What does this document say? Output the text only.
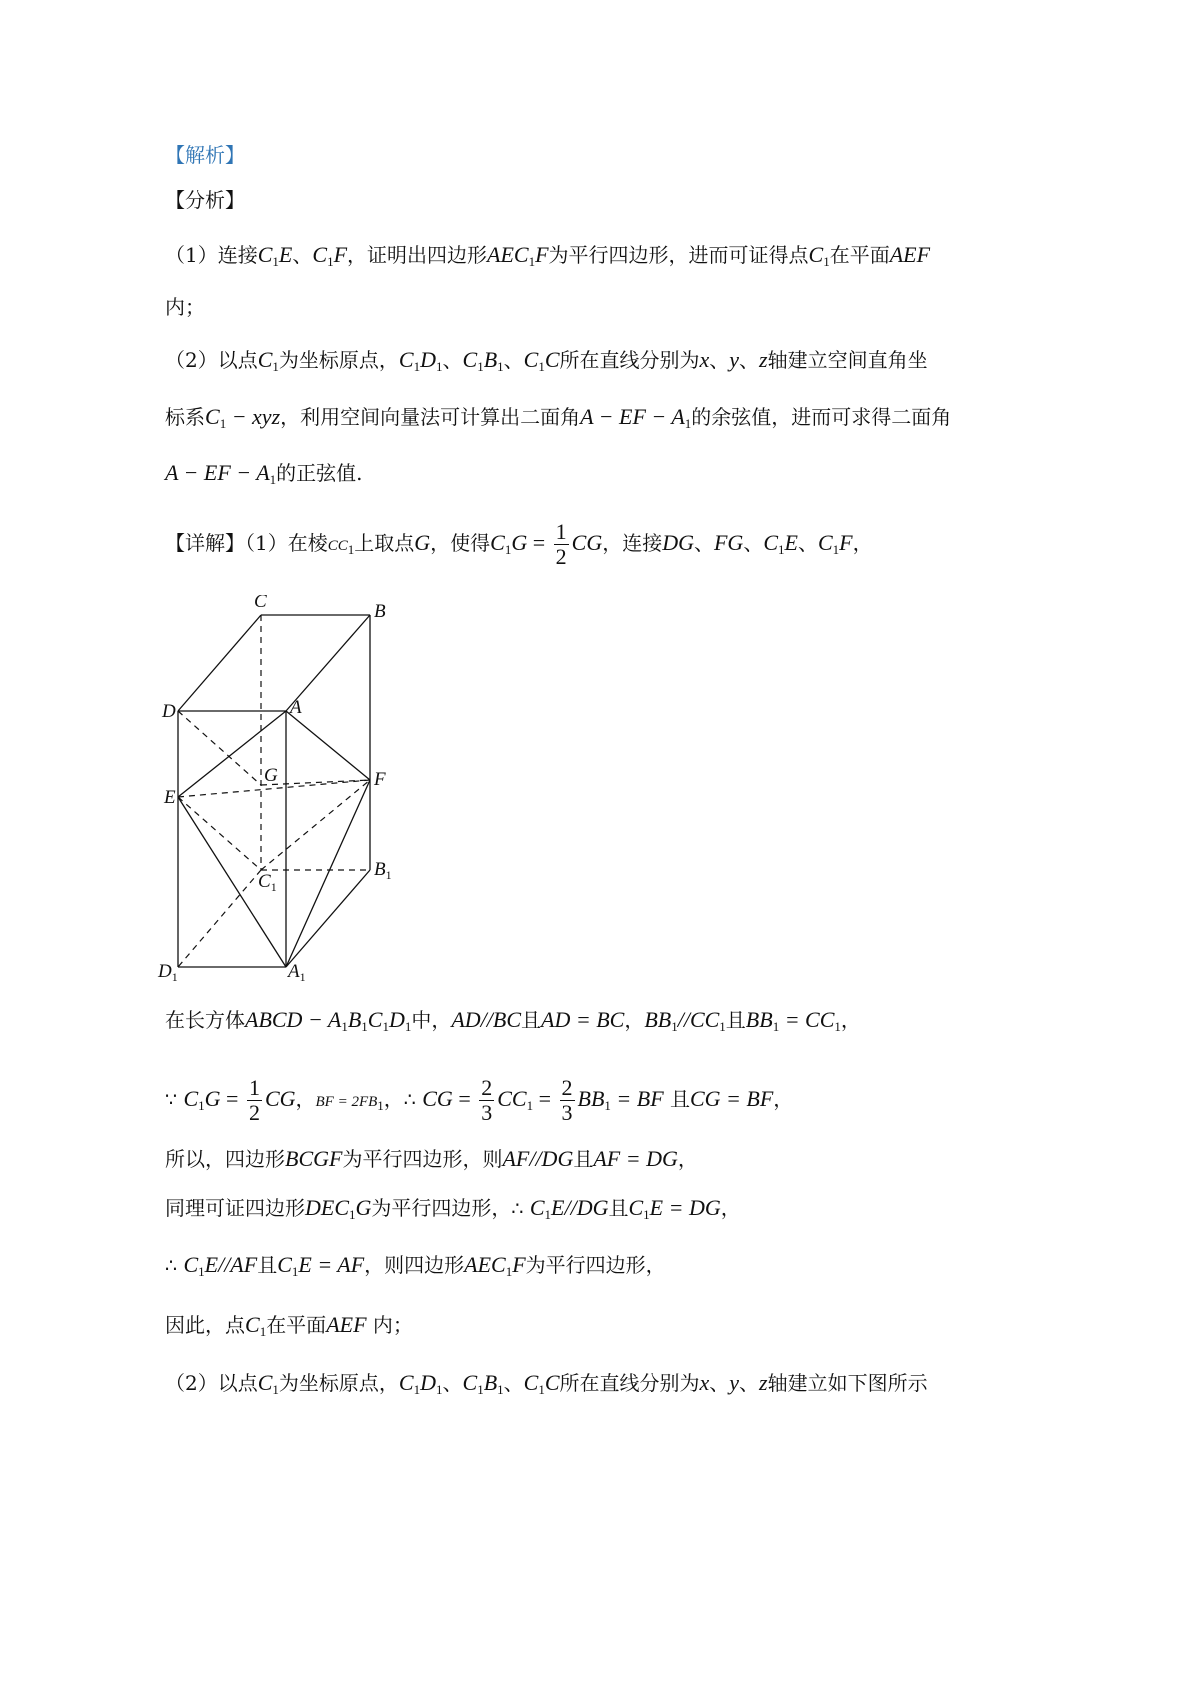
【解析】
【分析】
（1）连接$C_1E$、$C_1F$，证明出四边形$AEC_1F$为平行四边形，进而可证得点$C_1$在平面AEF
内；
（2）以点$C_1$为坐标原点，$C_1D_1$、$C_1B_1$、$C_1C$所在直线分别为x、y、z轴建立空间直角坐
标系$C_1$ − xyz，利用空间向量法可计算出二面角A − EF − $A_1$的余弦值，进而可求得二面角
A − EF − $A_1$的正弦值.
【详解】（1）在棱$CC_1$上取点G，使得$C_1G = \frac{1}{2}$ CG，连接DG、FG、$C_1E$、$C_1F$，
C	B
D	A
G
E
F
$C_1$
$B_1$
$D_1$	$A_1$
在长方体ABCD − $A_1B_1C_1D_1$中，AD//BC且AD = BC，$BB_1//CC_1$且$BB_1 = CC_1$，
∵ $C_1G = \frac{1}{2}$ CG，BF = $2FB_1$，∴ CG = $\frac{2}{3} CC_1 = \frac{2}{3} BB_1$ = BF 且CG = BF，
所以，四边形BCGF为平行四边形，则AF//DG且AF = DG，
同理可证四边形$DEC_1G$为平行四边形，∴ $C_1E//DG$且$C_1E$ = DG，
∴ $C_1E//AF$且$C_1E$ = AF，则四边形$AEC_1F$为平行四边形，
因此，点$C_1$在平面AEF 内；
（2）以点$C_1$为坐标原点，$C_1D_1$、$C_1B_1$、$C_1C$所在直线分别为x、y、z轴建立如下图所示
